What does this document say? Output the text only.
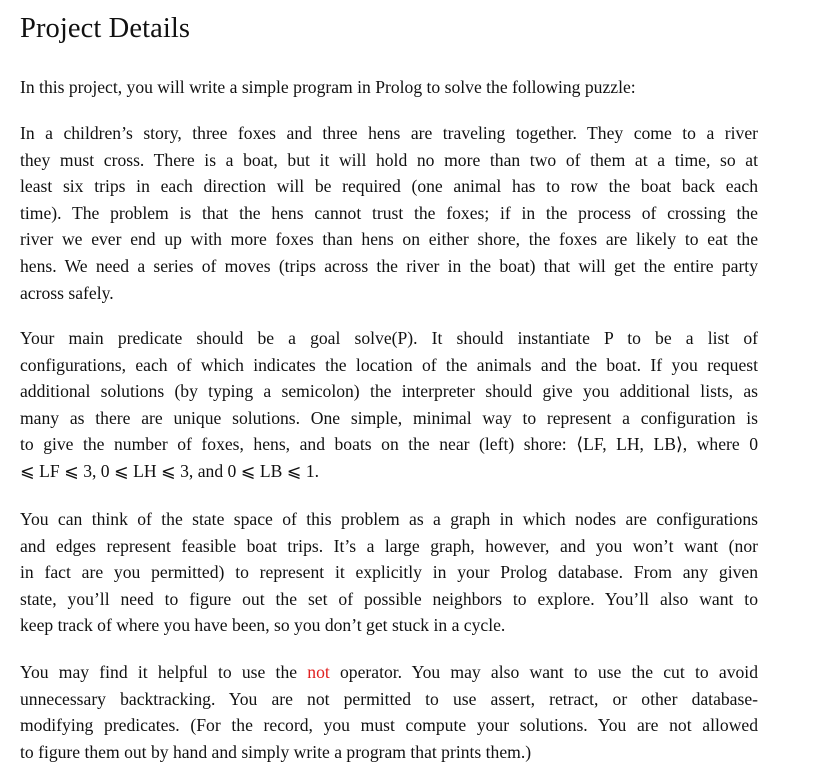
Project Details
In this project, you will write a simple program in Prolog to solve the following puzzle:
In a children’s story, three foxes and three hens are traveling together. They come to a river
they must cross. There is a boat, but it will hold no more than two of them at a time, so at
least six trips in each direction will be required (one animal has to row the boat back each
time). The problem is that the hens cannot trust the foxes; if in the process of crossing the
river we ever end up with more foxes than hens on either shore, the foxes are likely to eat the
hens. We need a series of moves (trips across the river in the boat) that will get the entire party
across safely.
Your main predicate should be a goal solve(P). It should instantiate P to be a list of
configurations, each of which indicates the location of the animals and the boat. If you request
additional solutions (by typing a semicolon) the interpreter should give you additional lists, as
many as there are unique solutions. One simple, minimal way to represent a configuration is
to give the number of foxes, hens, and boats on the near (left) shore: ⟨LF, LH, LB⟩, where 0
⩽ LF ⩽ 3, 0 ⩽ LH ⩽ 3, and 0 ⩽ LB ⩽ 1.
You can think of the state space of this problem as a graph in which nodes are configurations
and edges represent feasible boat trips. It’s a large graph, however, and you won’t want (nor
in fact are you permitted) to represent it explicitly in your Prolog database. From any given
state, you’ll need to figure out the set of possible neighbors to explore. You’ll also want to
keep track of where you have been, so you don’t get stuck in a cycle.
You may find it helpful to use the not operator. You may also want to use the cut to avoid
unnecessary backtracking. You are not permitted to use assert, retract, or other database-
modifying predicates. (For the record, you must compute your solutions. You are not allowed
to figure them out by hand and simply write a program that prints them.)
